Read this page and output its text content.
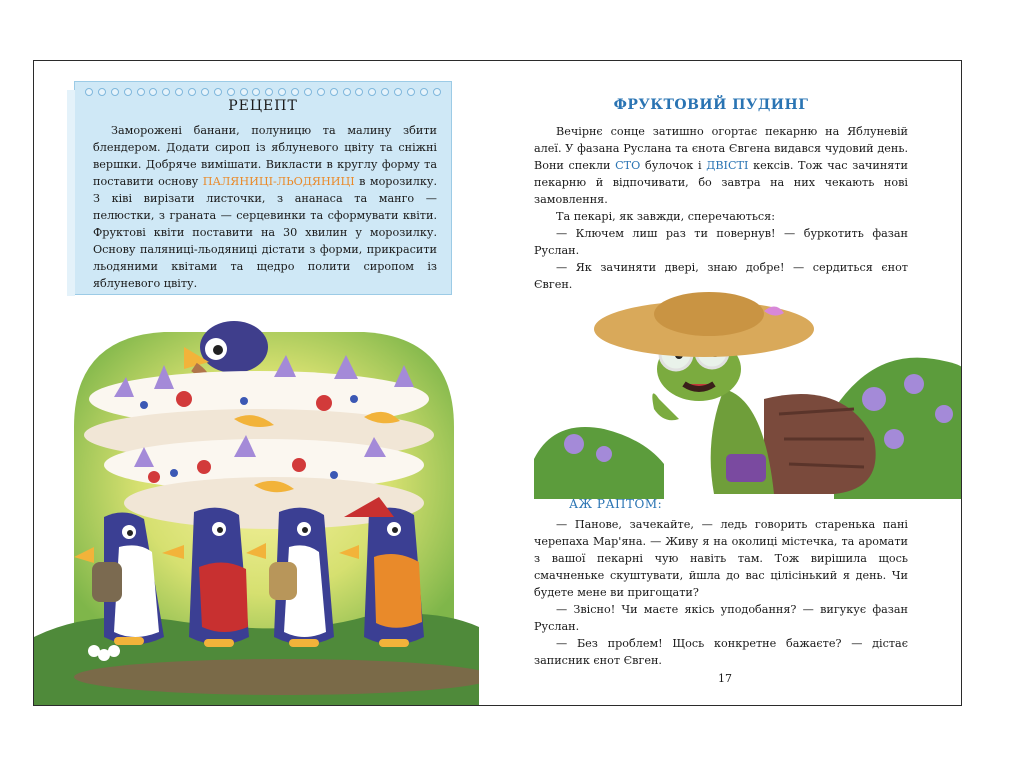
РЕЦЕПТ
Заморожені банани, полуницю та малину збити блендером. Додати сироп із яблуневого цвіту та сніжні вершки. Добряче вимішати. Викласти в круглу форму та поставити основу ПАЛЯНИЦІ-ЛЬОДЯНИЦІ в морозилку. З ківі вирізати листочки, з ананаса та манго — пелюстки, з граната — серцевинки та сформувати квіти. Фруктові квіти поставити на 30 хвилин у морозилку. Основу паляниці-льодяниці дістати з форми, прикрасити льодяними квітами та щедро полити сиропом із яблуневого цвіту.
ФРУКТОВИЙ ПУДИНГ

Вечірнє сонце затишно огортає пекарню на Яблуневій алеї. У фазана Руслана та єнота Євгена видався чудовий день. Вони спекли СТО булочок і ДВІСТІ кексів. Тож час зачиняти пекарню й відпочивати, бо завтра на них чекають нові замовлення.

Та пекарі, як завжди, сперечаються:

— Ключем лиш раз ти повернув! — буркотить фазан Руслан.

— Як зачиняти двері, знаю добре! — сердиться єнот Євген.

АЖ РАПТОМ:

— Панове, зачекайте, — ледь говорить старенька пані черепаха Мар'яна. — Живу я на околиці містечка, та аромати з вашої пекарні чую навіть там. Тож вирішила щось смачненьке скуштувати, йшла до вас цілісінький я день. Чи будете мене ви пригощати?

— Звісно! Чи маєте якісь уподобання? — вигукує фазан Руслан.

— Без проблем! Щось конкретне бажаєте? — дістає записник єнот Євген.

17
